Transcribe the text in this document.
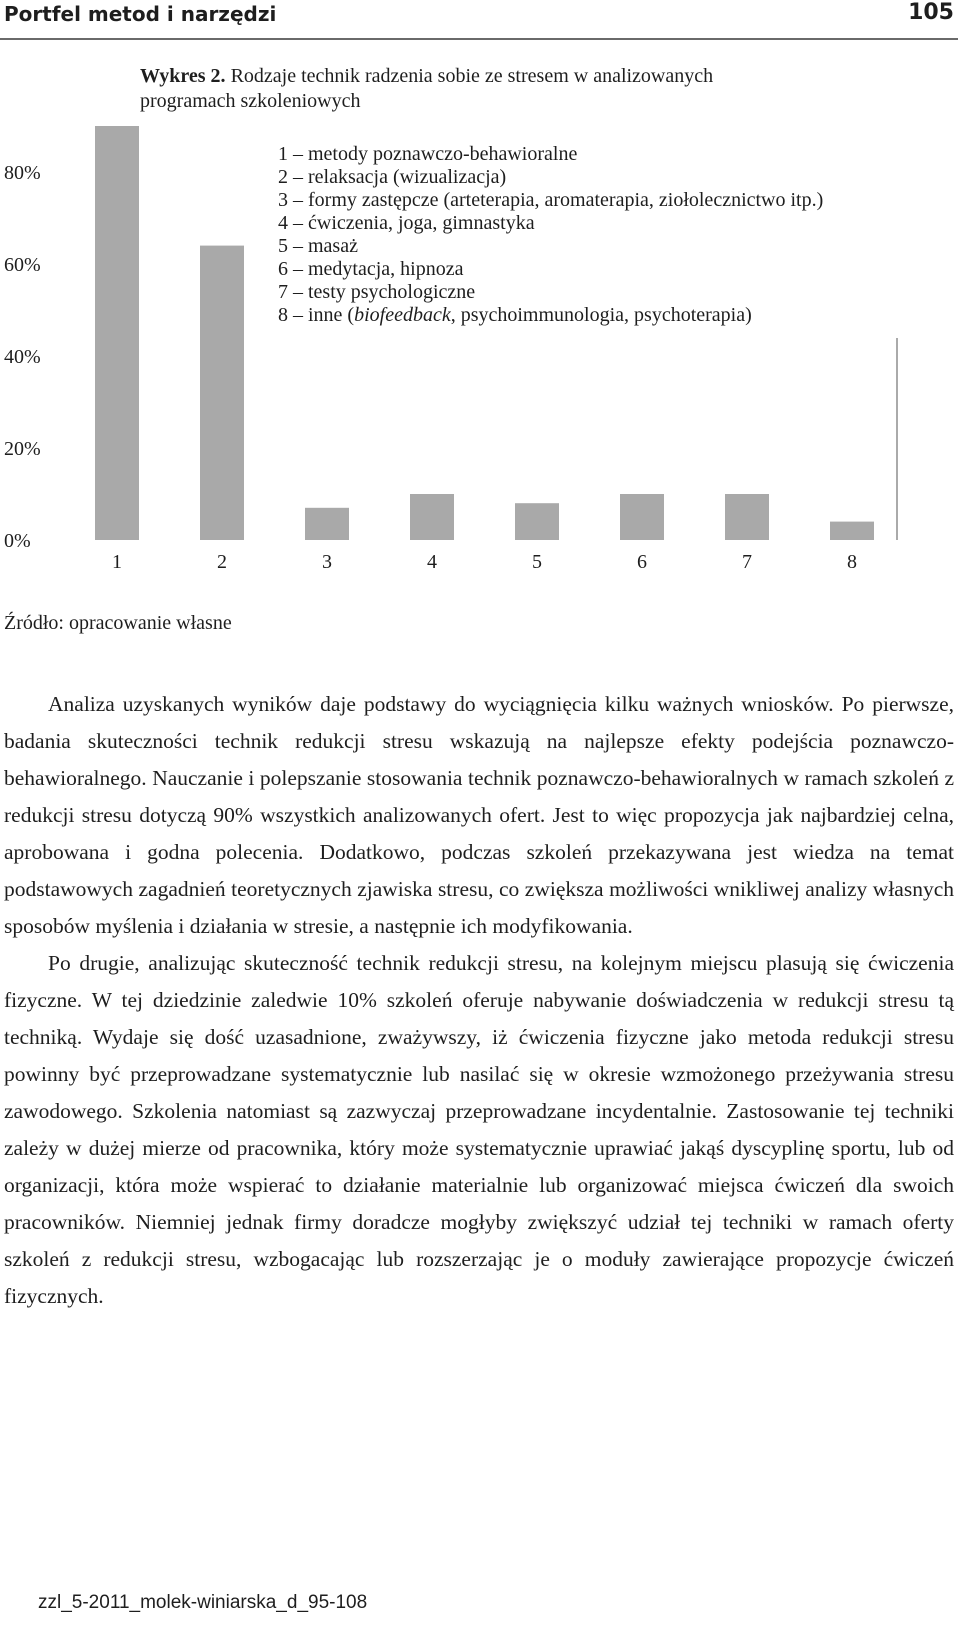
Portfel metod i narzędzi	105
Wykres 2. Rodzaje technik radzenia sobie ze stresem w analizowanych
programach szkoleniowych
0%
20%
40%
60%
80%
1	2	3	4	5	6	7	8
1 – metody poznawczo-behawioralne
2 – relaksacja (wizualizacja)
3 – formy zastępcze (arteterapia, aromaterapia, ziołolecznictwo itp.)
4 – ćwiczenia, joga, gimnastyka
5 – masaż
6 – medytacja, hipnoza
7 – testy psychologiczne
8 – inne (biofeedback, psychoimmunologia, psychoterapia)
Źródło: opracowanie własne

Analiza uzyskanych wyników daje podstawy do wyciągnięcia kilku ważnych wniosków. Po pierwsze, badania skuteczności technik redukcji stresu wskazują na najlepsze efekty podejścia poznawczo-behawioralnego. Nauczanie i polepszanie stosowania technik poznawczo-behawioralnych w ramach szkoleń z redukcji stresu dotyczą 90% wszystkich analizowanych ofert. Jest to więc propozycja jak najbardziej celna, aprobowana i godna polecenia. Dodatkowo, podczas szkoleń przekazywana jest wiedza na temat podstawowych zagadnień teoretycznych zjawiska stresu, co zwiększa możliwości wnikliwej analizy własnych sposobów myślenia i działania w stresie, a następnie ich modyfikowania.

Po drugie, analizując skuteczność technik redukcji stresu, na kolejnym miejscu plasują się ćwiczenia fizyczne. W tej dziedzinie zaledwie 10% szkoleń oferuje nabywanie doświadczenia w redukcji stresu tą techniką. Wydaje się dość uzasadnione, zważywszy, iż ćwiczenia fizyczne jako metoda redukcji stresu powinny być przeprowadzane systematycznie lub nasilać się w okresie wzmożonego przeżywania stresu zawodowego. Szkolenia natomiast są zazwyczaj przeprowadzane incydentalnie. Zastosowanie tej techniki zależy w dużej mierze od pracownika, który może systematycznie uprawiać jakąś dyscyplinę sportu, lub od organizacji, która może wspierać to działanie materialnie lub organizować miejsca ćwiczeń dla swoich pracowników. Niemniej jednak firmy doradcze mogłyby zwiększyć udział tej techniki w ramach oferty szkoleń z redukcji stresu, wzbogacając lub rozszerzając je o moduły zawierające propozycje ćwiczeń fizycznych.

zzl_5-2011_molek-winiarska_d_95-108
